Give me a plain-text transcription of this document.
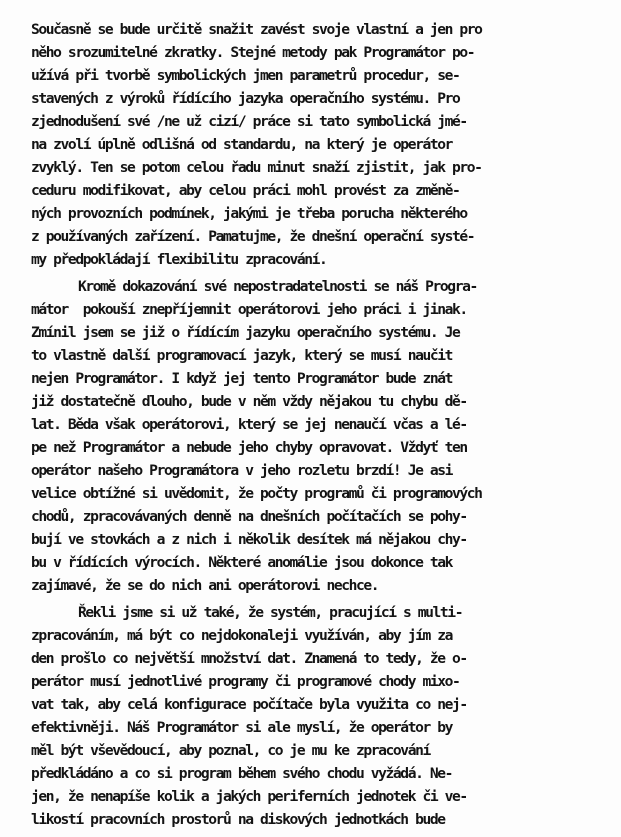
Současně se bude určitě snažit zavést svoje vlastní a jen pro
něho srozumitelné zkratky. Stejné metody pak Programátor po-
užívá při tvorbě symbolických jmen parametrů procedur, se-
stavených z výroků řídícího jazyka operačního systému. Pro
zjednodušení své /ne už cizí/ práce si tato symbolická jmé-
na zvolí úplně odlišná od standardu, na který je operátor
zvyklý. Ten se potom celou řadu minut snaží zjistit, jak pro-
ceduru modifikovat, aby celou práci mohl provést za změně-
ných provozních podmínek, jakými je třeba porucha některého
z používaných zařízení. Pamatujme, že dnešní operační systé-
my předpokládají flexibilitu zpracování.
Kromě dokazování své nepostradatelnosti se náš Progra-
mátor  pokouší znepříjemnit operátorovi jeho práci i jinak.
Zmínil jsem se již o řídícím jazyku operačního systému. Je
to vlastně další programovací jazyk, který se musí naučit
nejen Programátor. I když jej tento Programátor bude znát
již dostatečně dlouho, bude v něm vždy nějakou tu chybu dě-
lat. Běda však operátorovi, který se jej nenaučí včas a lé-
pe než Programátor a nebude jeho chyby opravovat. Vždyť ten
operátor našeho Programátora v jeho rozletu brzdí! Je asi
velice obtížné si uvědomit, že počty programů či programových
chodů, zpracovávaných denně na dnešních počítačích se pohy-
bují ve stovkách a z nich i několik desítek má nějakou chy-
bu v řídících výrocích. Některé anomálie jsou dokonce tak
zajímavé, že se do nich ani operátorovi nechce.
Řekli jsme si už také, že systém, pracující s multi-
zpracováním, má být co nejdokonaleji využíván, aby jím za
den prošlo co největší množství dat. Znamená to tedy, že o-
perátor musí jednotlivé programy či programové chody mixo-
vat tak, aby celá konfigurace počítače byla využita co nej-
efektivněji. Náš Programátor si ale myslí, že operátor by
měl být vševědoucí, aby poznal, co je mu ke zpracování
předkládáno a co si program během svého chodu vyžádá. Ne-
jen, že nenapíše kolik a jakých periferních jednotek či ve-
likostí pracovních prostorů na diskových jednotkách bude
